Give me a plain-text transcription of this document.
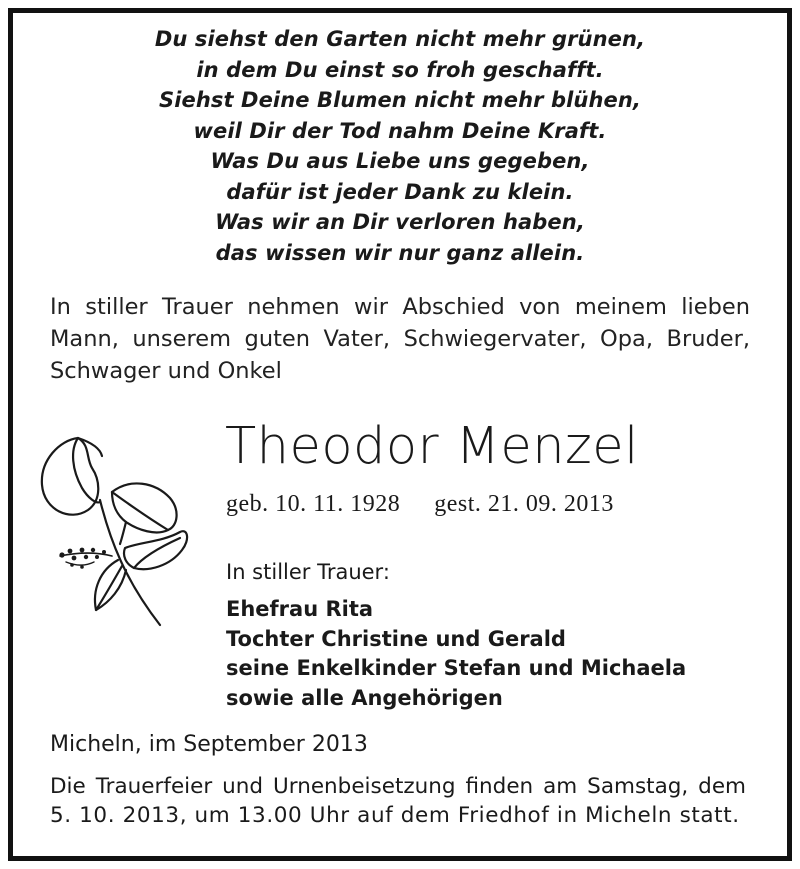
Du siehst den Garten nicht mehr grünen,
in dem Du einst so froh geschafft.
Siehst Deine Blumen nicht mehr blühen,
weil Dir der Tod nahm Deine Kraft.
Was Du aus Liebe uns gegeben,
dafür ist jeder Dank zu klein.
Was wir an Dir verloren haben,
das wissen wir nur ganz allein.
In stiller Trauer nehmen wir Abschied von meinem lieben
Mann, unserem guten Vater, Schwiegervater, Opa, Bruder,
Schwager und Onkel
Theodor Menzel
geb. 10. 11. 1928 gest. 21. 09. 2013
In stiller Trauer:
Ehefrau Rita
Tochter Christine und Gerald
seine Enkelkinder Stefan und Michaela
sowie alle Angehörigen
Micheln, im September 2013
Die Trauerfeier und Urnenbeisetzung finden am Samstag, dem
5. 10. 2013, um 13.00 Uhr auf dem Friedhof in Micheln statt.
